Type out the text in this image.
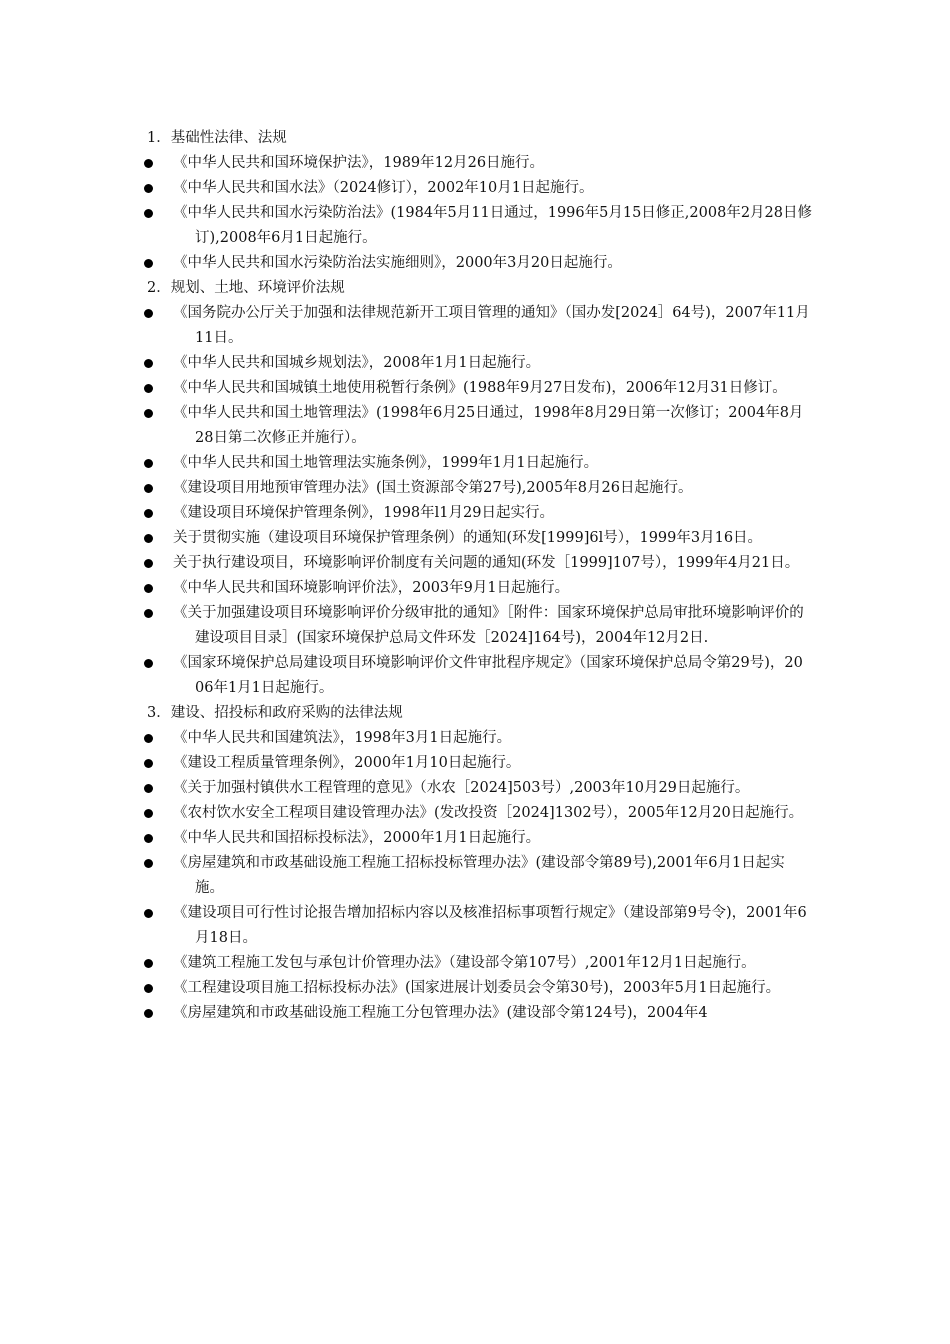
1．基础性法律、法规

《中华人民共和国环境保护法》，1989年12月26日施行。
《中华人民共和国水法》（2024修订），2002年10月1日起施行。
《中华人民共和国水污染防治法》(1984年5月11日通过，1996年5月15日修正,2008年2月28日修订),2008年6月1日起施行。
《中华人民共和国水污染防治法实施细则》，2000年3月20日起施行。

2．规划、土地、环境评价法规

《国务院办公厅关于加强和法律规范新开工项目管理的通知》（国办发[2024］64号)，2007年11月11日。
《中华人民共和国城乡规划法》，2008年1月1日起施行。
《中华人民共和国城镇土地使用税暂行条例》(1988年9月27日发布)，2006年12月31日修订。
《中华人民共和国土地管理法》(1998年6月25日通过，1998年8月29日第一次修订；2004年8月28日第二次修正并施行）。
《中华人民共和国土地管理法实施条例》，1999年1月1日起施行。
《建设项目用地预审管理办法》(国土资源部令第27号),2005年8月26日起施行。
《建设项目环境保护管理条例》，1998年l1月29日起实行。
关于贯彻实施（建设项目环境保护管理条例）的通知(环发[1999]6l号），1999年3月16日。
关于执行建设项目，环境影响评价制度有关问题的通知(环发［1999]107号），1999年4月21日。
《中华人民共和国环境影响评价法》，2003年9月1日起施行。
《关于加强建设项目环境影响评价分级审批的通知》［附件：国家环境保护总局审批环境影响评价的建设项目目录］(国家环境保护总局文件环发［2024]164号)，2004年12月2日.
《国家环境保护总局建设项目环境影响评价文件审批程序规定》（国家环境保护总局令第29号)，2006年1月1日起施行。

3．建设、招投标和政府采购的法律法规

《中华人民共和国建筑法》，1998年3月1日起施行。
《建设工程质量管理条例》，2000年1月10日起施行。
《关于加强村镇供水工程管理的意见》（水农［2024]503号）,2003年10月29日起施行。
《农村饮水安全工程项目建设管理办法》(发改投资［2024]1302号），2005年12月20日起施行。
《中华人民共和国招标投标法》，2000年1月1日起施行。
《房屋建筑和市政基础设施工程施工招标投标管理办法》(建设部令第89号),2001年6月1日起实施。
《建设项目可行性讨论报告增加招标内容以及核准招标事项暂行规定》（建设部第9号令)，2001年6月18日。
《建筑工程施工发包与承包计价管理办法》（建设部令第107号）,2001年12月1日起施行。
《工程建设项目施工招标投标办法》(国家进展计划委员会令第30号)，2003年5月1日起施行。
《房屋建筑和市政基础设施工程施工分包管理办法》(建设部令第124号)，2004年4
